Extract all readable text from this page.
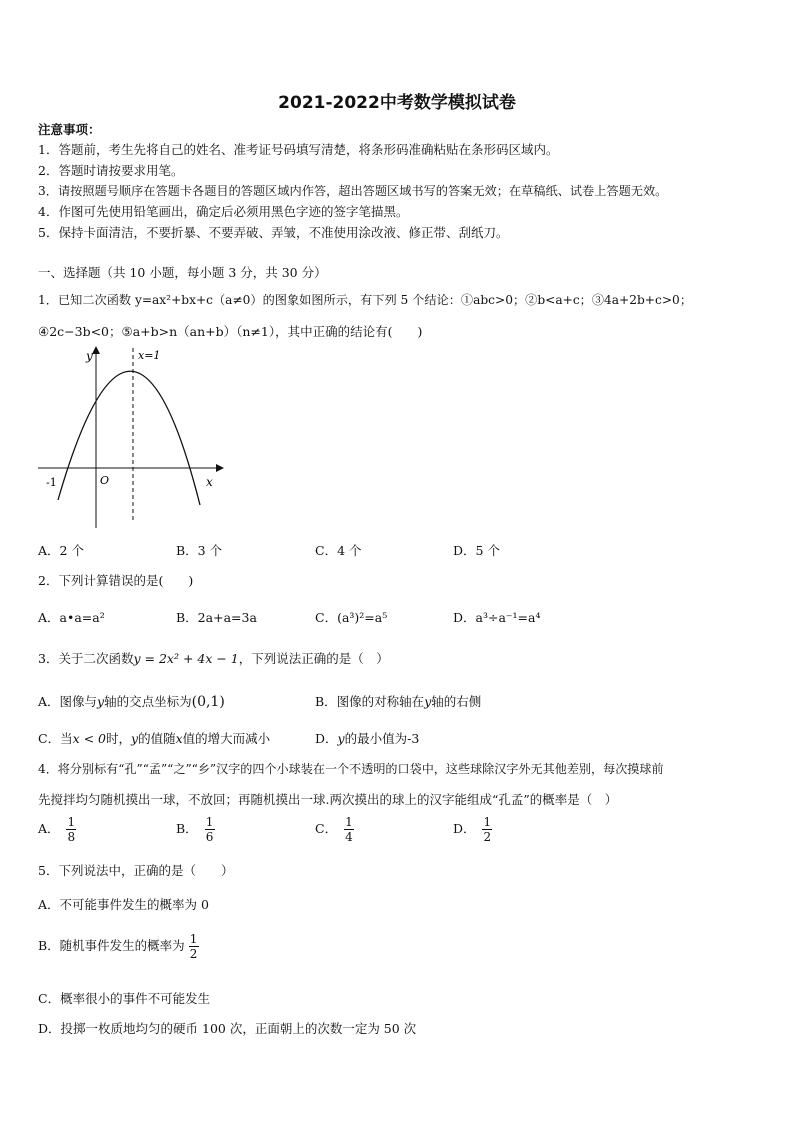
2021-2022中考数学模拟试卷
注意事项：
1．答题前，考生先将自己的姓名、准考证号码填写清楚，将条形码准确粘贴在条形码区域内。
2．答题时请按要求用笔。
3．请按照题号顺序在答题卡各题目的答题区域内作答，超出答题区域书写的答案无效；在草稿纸、试卷上答题无效。
4．作图可先使用铅笔画出，确定后必须用黑色字迹的签字笔描黑。
5．保持卡面清洁，不要折暴、不要弄破、弄皱，不准使用涂改液、修正带、刮纸刀。
一、选择题（共 10 小题，每小题 3 分，共 30 分）
1．已知二次函数 y=ax²+bx+c（a≠0）的图象如图所示，有下列 5 个结论：①abc>0；②b<a+c；③4a+2b+c>0；
④2c−3b<0；⑤a+b>n（an+b）（n≠1），其中正确的结论有(　　)
y
x
O
-1
x=1
A．2 个	B．3 个	C．4 个	D．5 个
2．下列计算错误的是(　　)
A．a•a=a²	B．2a+a=3a	C．(a³)²=a⁵	D．a³÷a⁻¹=a⁴
3．关于二次函数y = 2x² + 4x − 1，下列说法正确的是（　）
A．图像与y轴的交点坐标为(0,1)	B．图像的对称轴在y轴的右侧
C．当x < 0时，y的值随x值的增大而减小	D．y的最小值为-3
4．将分别标有“孔”“孟”“之”“乡”汉字的四个小球装在一个不透明的口袋中，这些球除汉字外无其他差别，每次摸球前
先搅拌均匀随机摸出一球，不放回；再随机摸出一球.两次摸出的球上的汉字能组成“孔孟”的概率是（　）
A． $\frac{1}{8}$	B． $\frac{1}{6}$	C． $\frac{1}{4}$	D． $\frac{1}{2}$
5．下列说法中，正确的是（　　）
A．不可能事件发生的概率为 0
B．随机事件发生的概率为 $\frac{1}{2}$
C．概率很小的事件不可能发生
D．投掷一枚质地均匀的硬币 100 次，正面朝上的次数一定为 50 次
